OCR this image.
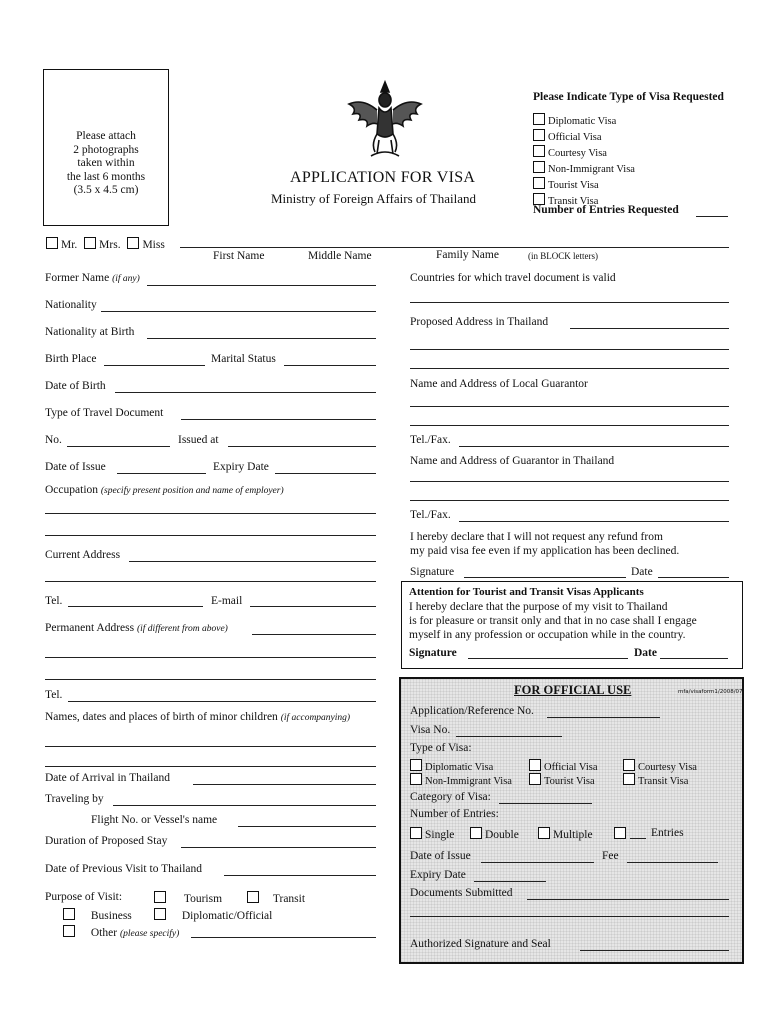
Please attach
2 photographs
taken within
the last 6 months
(3.5 x 4.5 cm)
APPLICATION FOR VISA
Ministry of Foreign Affairs of Thailand
Please Indicate Type of Visa Requested
Diplomatic Visa
Official Visa
Courtesy Visa
Non-Immigrant Visa
Tourist Visa
Transit Visa
Number of Entries Requested
Mr. Mrs. Miss
First Name	Middle Name	Family Name	(in BLOCK letters)
Former Name (if any)
Nationality
Nationality at Birth
Birth Place	Marital Status
Date of Birth
Type of Travel Document
No.	Issued at
Date of Issue	Expiry Date
Occupation (specify present position and name of employer)
Current Address
Tel.	E-mail
Permanent Address (if different from above)
Tel.
Names, dates and places of birth of minor children (if accompanying)
Date of Arrival in Thailand
Traveling by
Flight No. or Vessel's name
Duration of Proposed Stay
Date of Previous Visit to Thailand
Purpose of Visit:	Tourism	Transit
Business	Diplomatic/Official
Other (please specify)
Countries for which travel document is valid
Proposed Address in Thailand
Name and Address of Local Guarantor
Tel./Fax.
Name and Address of Guarantor in Thailand
Tel./Fax.
I hereby declare that I will not request any refund from
my paid visa fee even if my application has been declined.
Signature	Date
Attention for Tourist and Transit Visas Applicants
I hereby declare that the purpose of my visit to Thailand
is for pleasure or transit only and that in no case shall I engage
myself in any profession or occupation while in the country.
Signature	Date
FOR OFFICIAL USE	mfa/visaform1/2008/07
Application/Reference No.
Visa No.
Type of Visa:
Diplomatic Visa	Official Visa	Courtesy Visa
Non-Immigrant Visa	Tourist Visa	Transit Visa
Category of Visa:
Number of Entries:
Single	Double	Multiple	Entries
Date of Issue	Fee
Expiry Date
Documents Submitted
Authorized Signature and Seal
